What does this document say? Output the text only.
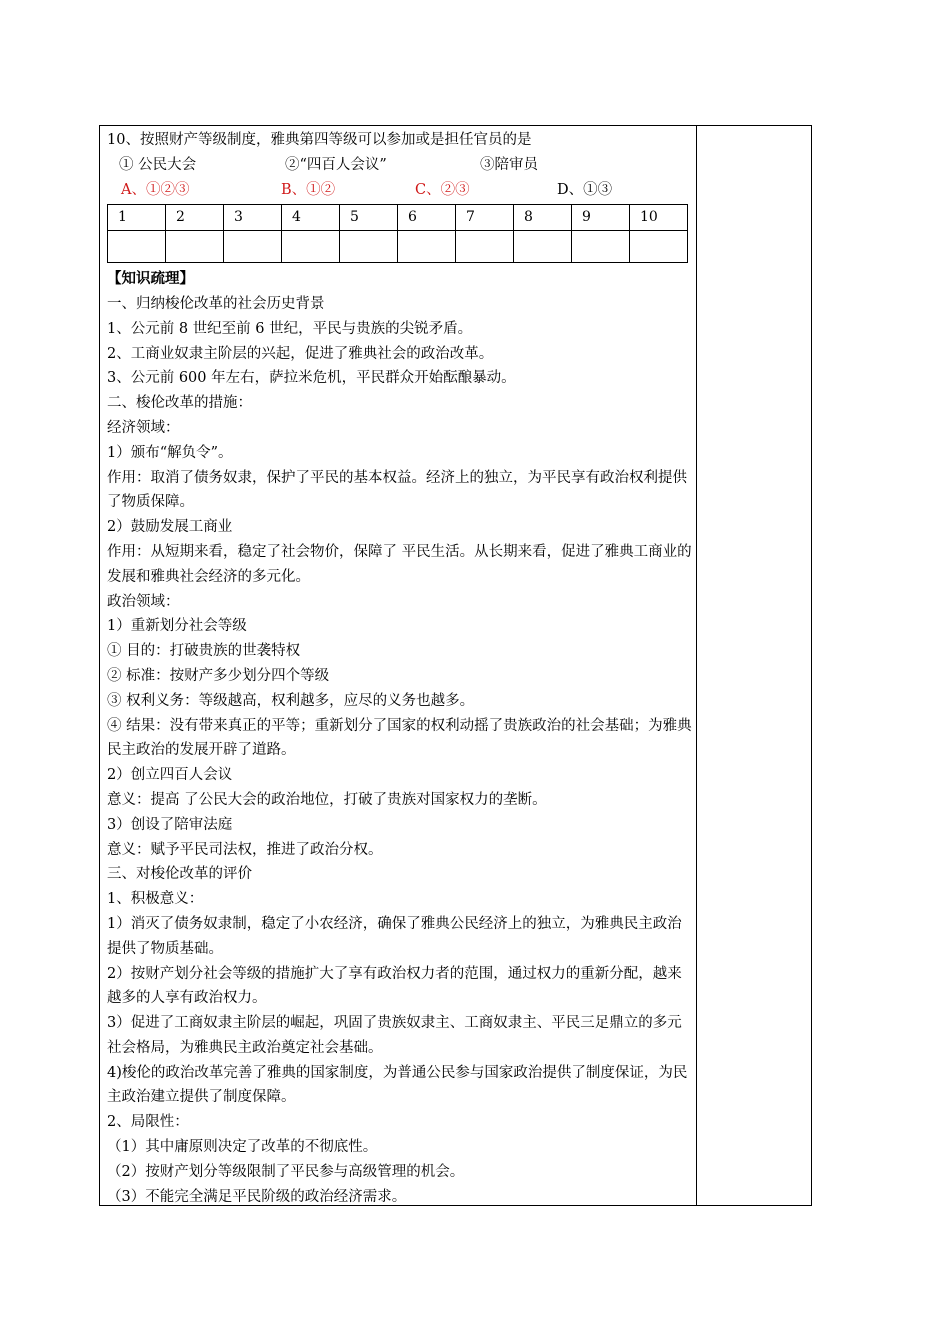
10、按照财产等级制度，雅典第四等级可以参加或是担任官员的是
① 公民大会	②“四百人会议”	③陪审员
A、①②③	B、①②	C、②③	D、①③
1	2	3	4	5	6	7	8	9	10

【知识疏理】
一、归纳梭伦改革的社会历史背景
1、公元前 8 世纪至前 6 世纪，平民与贵族的尖锐矛盾。
2、工商业奴隶主阶层的兴起，促进了雅典社会的政治改革。
3、公元前 600 年左右，萨拉米危机，平民群众开始酝酿暴动。
二、梭伦改革的措施：
经济领域：
1）颁布“解负令”。
作用：取消了债务奴隶，保护了平民的基本权益。经济上的独立，为平民享有政治权利提供了物质保障。
2）鼓励发展工商业
作用：从短期来看，稳定了社会物价，保障了 平民生活。从长期来看，促进了雅典工商业的发展和雅典社会经济的多元化。
政治领域：
1）重新划分社会等级
① 目的：打破贵族的世袭特权
② 标准：按财产多少划分四个等级
③ 权利义务：等级越高，权利越多，应尽的义务也越多。
④ 结果：没有带来真正的平等；重新划分了国家的权利动摇了贵族政治的社会基础；为雅典民主政治的发展开辟了道路。
2）创立四百人会议
意义：提高 了公民大会的政治地位，打破了贵族对国家权力的垄断。
3）创设了陪审法庭
意义：赋予平民司法权，推进了政治分权。
三、对梭伦改革的评价
1、积极意义：
1）消灭了债务奴隶制，稳定了小农经济，确保了雅典公民经济上的独立，为雅典民主政治提供了物质基础。
2）按财产划分社会等级的措施扩大了享有政治权力者的范围，通过权力的重新分配，越来越多的人享有政治权力。
3）促进了工商奴隶主阶层的崛起，巩固了贵族奴隶主、工商奴隶主、平民三足鼎立的多元社会格局，为雅典民主政治奠定社会基础。
4)梭伦的政治改革完善了雅典的国家制度，为普通公民参与国家政治提供了制度保证，为民主政治建立提供了制度保障。
2、局限性：
（1）其中庸原则决定了改革的不彻底性。
（2）按财产划分等级限制了平民参与高级管理的机会。
（3）不能完全满足平民阶级的政治经济需求。
